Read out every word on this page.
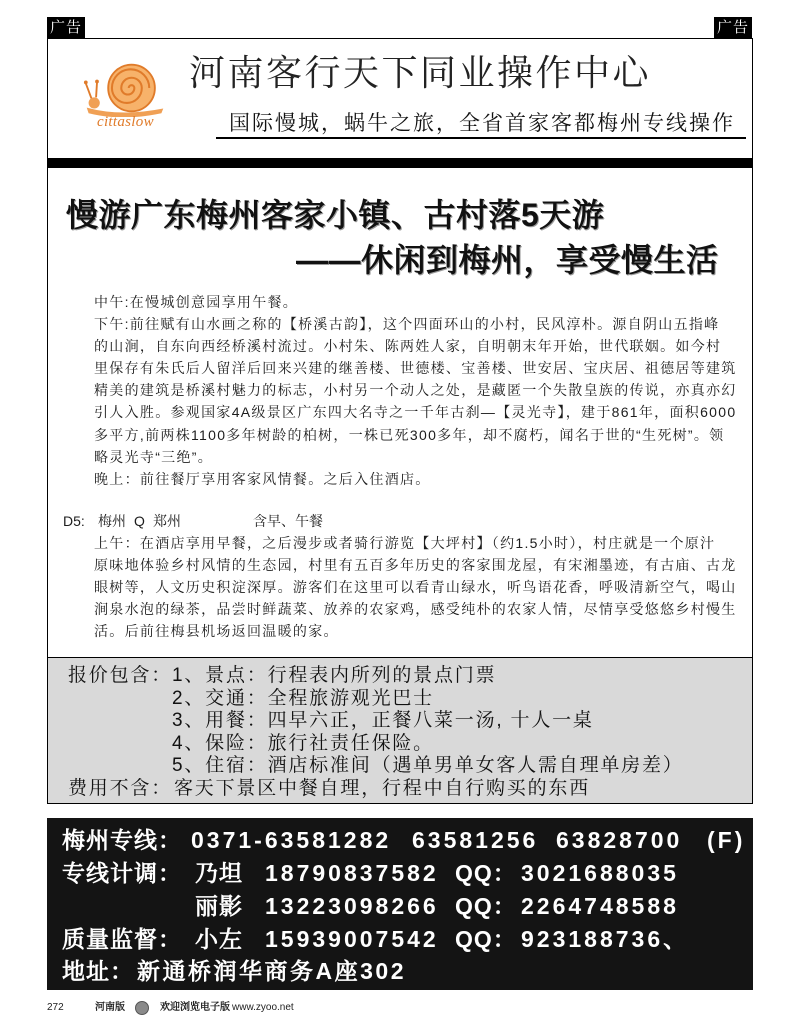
广告	广告
cittaslow
河南客行天下同业操作中心
国际慢城，蜗牛之旅，全省首家客都梅州专线操作
慢游广东梅州客家小镇、古村落5天游
——休闲到梅州，享受慢生活
中午:在慢城创意园享用午餐。
下午:前往赋有山水画之称的【桥溪古韵】，这个四面环山的小村，民风淳朴。源自阴山五指峰
的山涧，自东向西经桥溪村流过。小村朱、陈两姓人家，自明朝末年开始，世代联姻。如今村
里保存有朱氏后人留洋后回来兴建的继善楼、世德楼、宝善楼、世安居、宝庆居、祖德居等建筑
精美的建筑是桥溪村魅力的标志，小村另一个动人之处，是藏匿一个失散皇族的传说，亦真亦幻
引人入胜。参观国家4A级景区广东四大名寺之一千年古刹—【灵光寺】，建于861年，面积6000
多平方,前两株1100多年树龄的柏树，一株已死300多年，却不腐朽，闻名于世的“生死树”。领
略灵光寺“三绝”。
晚上：前往餐厅享用客家风情餐。之后入住酒店。
D5: 梅州 Q 郑州	含早、午餐
上午：在酒店享用早餐，之后漫步或者骑行游览【大坪村】（约1.5小时），村庄就是一个原汁
原味地体验乡村风情的生态园，村里有五百多年历史的客家围龙屋，有宋湘墨迹，有古庙、古龙
眼树等，人文历史积淀深厚。游客们在这里可以看青山绿水，听鸟语花香，呼吸清新空气，喝山
涧泉水泡的绿茶，品尝时鲜蔬菜、放养的农家鸡，感受纯朴的农家人情，尽情享受悠悠乡村慢生
活。后前往梅县机场返回温暖的家。
报价包含： 1、景点：行程表内所列的景点门票
2、交通：全程旅游观光巴士
3、用餐：四早六正，正餐八菜一汤, 十人一桌
4、保险：旅行社责任保险。
5、住宿：酒店标准间（遇单男单女客人需自理单房差）
费用不含： 客天下景区中餐自理，行程中自行购买的东西
梅州专线： 0371-63581282 63581256 63828700 (F)
专线计调： 乃坦 18790837582 QQ： 3021688035
丽影 13223098266 QQ： 2264748588
质量监督： 小左 15939007542 QQ： 923188736、
地址： 新通桥润华商务A座302
272	河南版	欢迎浏览电子版 www.zyoo.net
